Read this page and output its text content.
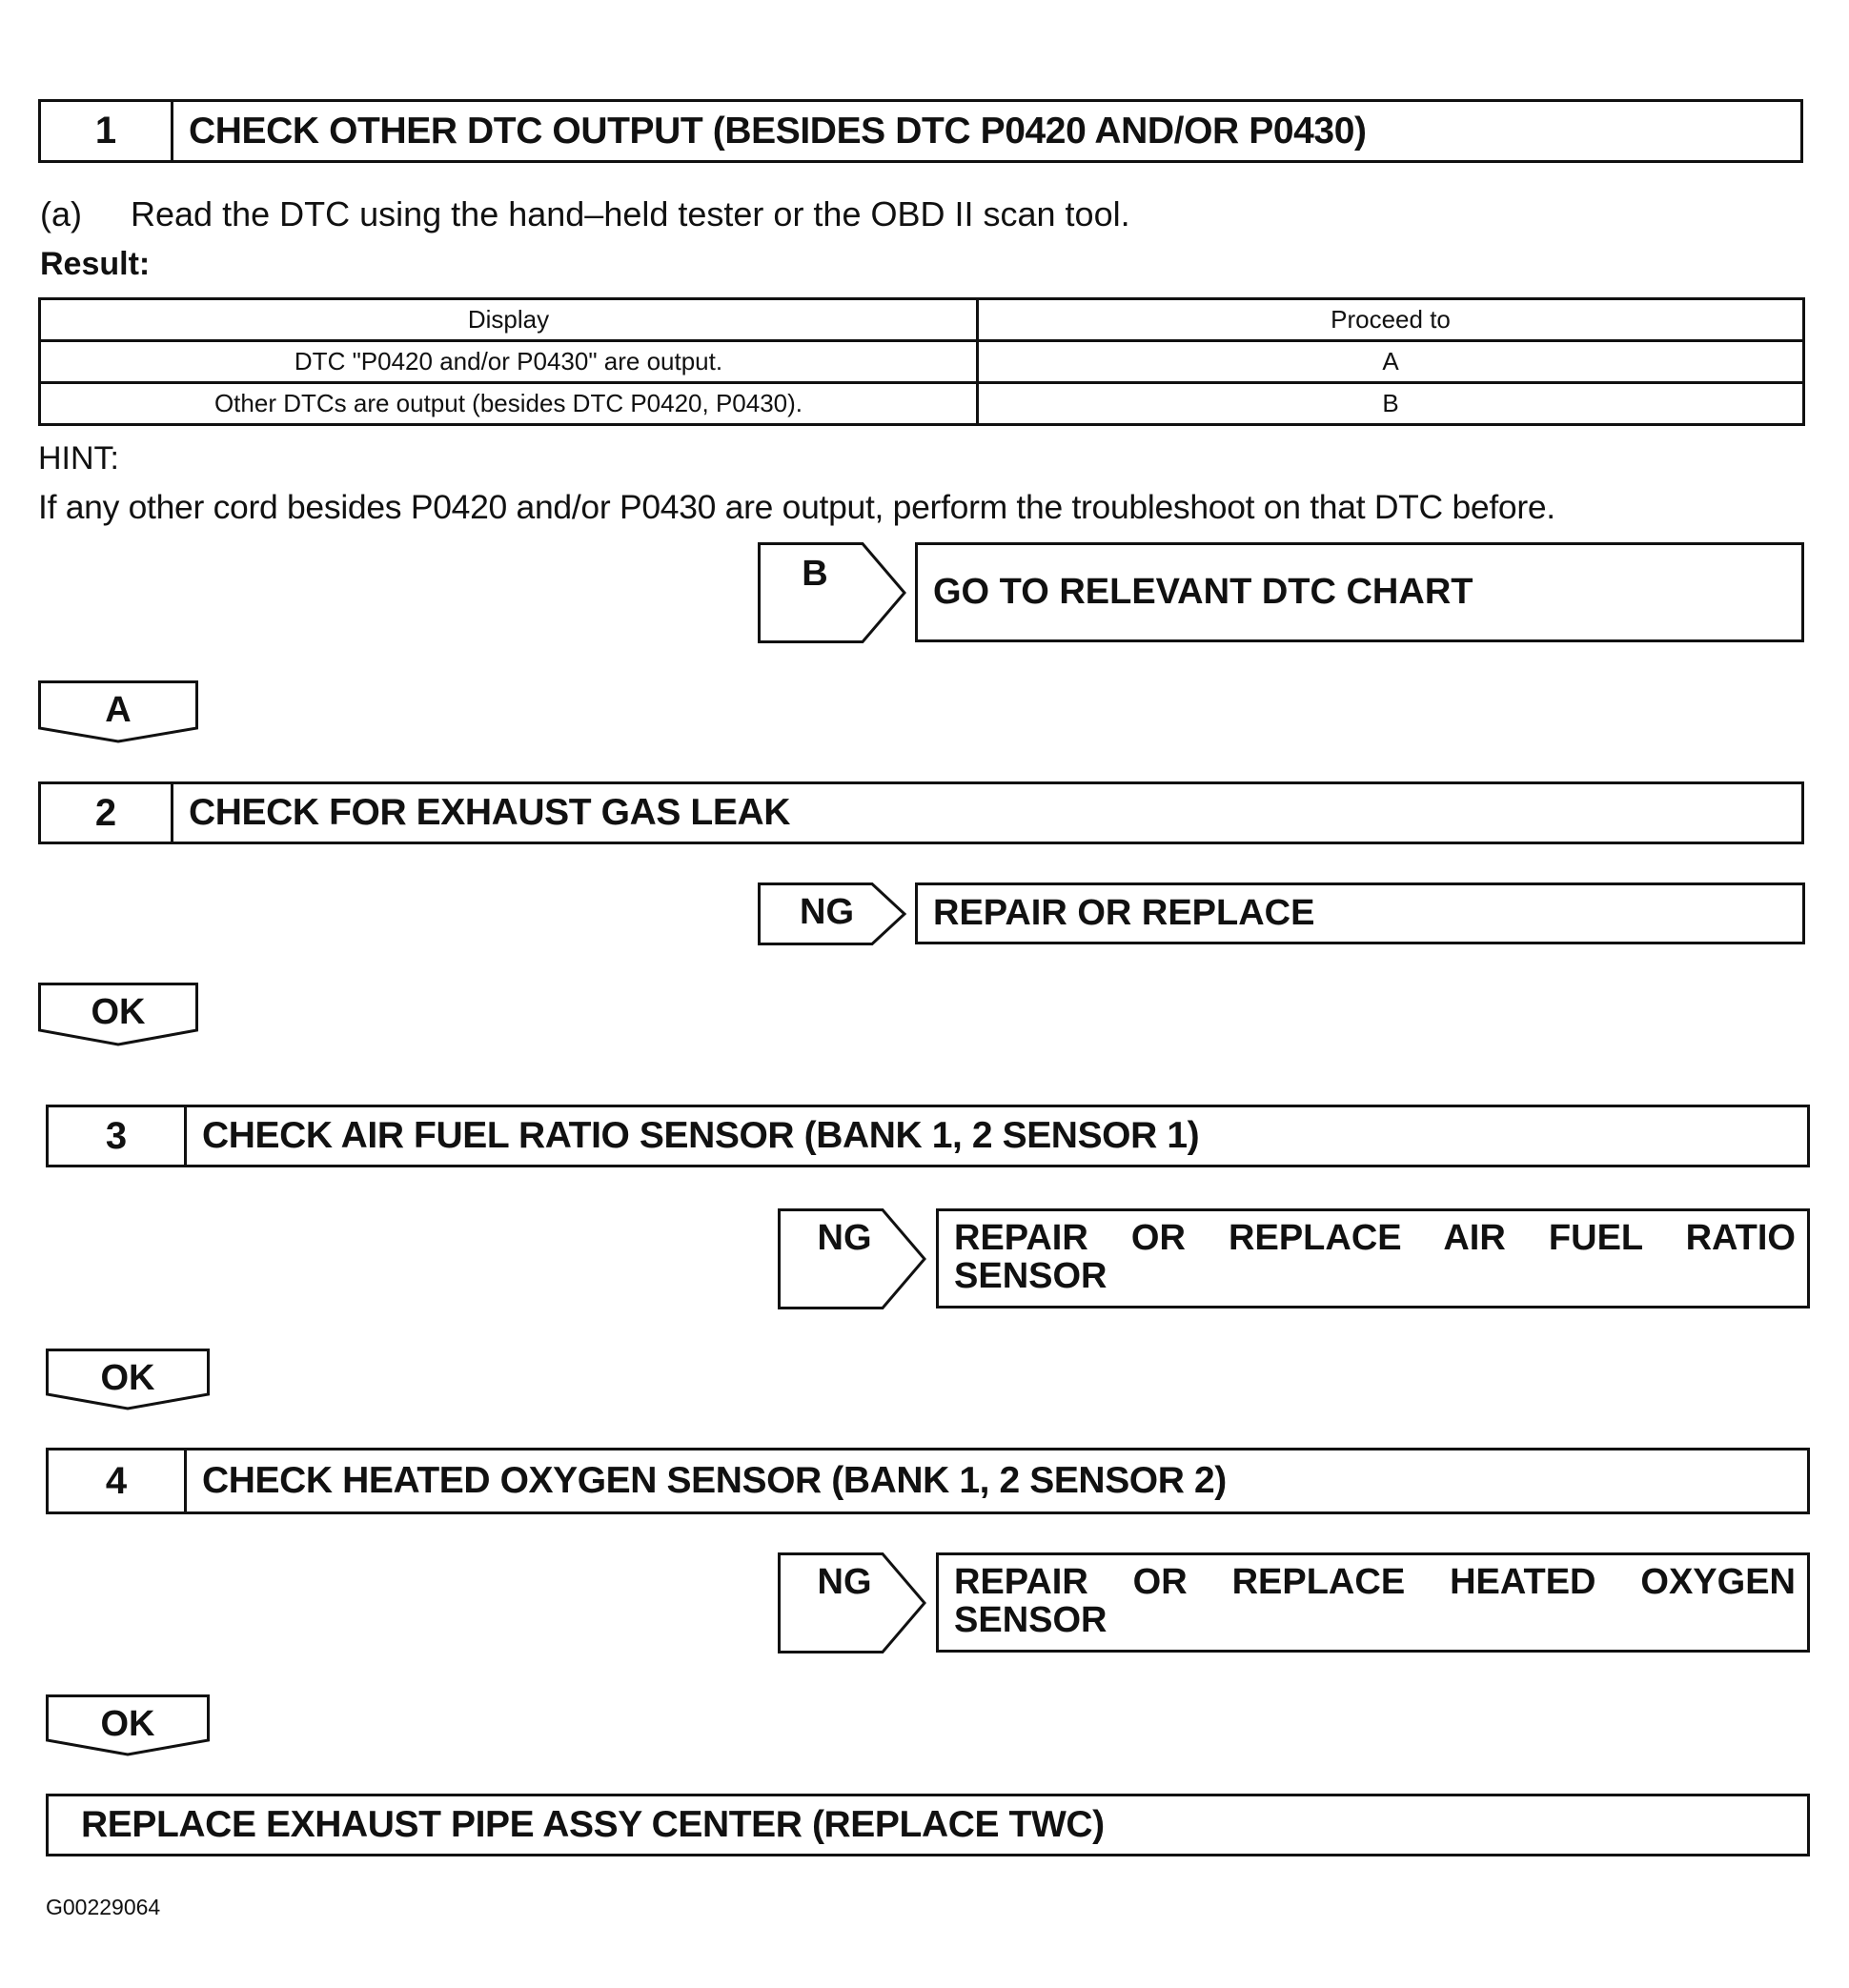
1	CHECK OTHER DTC OUTPUT (BESIDES DTC P0420 AND/OR P0430)
(a) Read the DTC using the hand–held tester or the OBD II scan tool.
Result:
Display	Proceed to
DTC "P0420 and/or P0430" are output.	A
Other DTCs are output (besides DTC P0420, P0430).	B
HINT:
If any other cord besides P0420 and/or P0430 are output, perform the troubleshoot on that DTC before.
B	GO TO RELEVANT DTC CHART
A
2	CHECK FOR EXHAUST GAS LEAK
NG	REPAIR OR REPLACE
OK
3	CHECK AIR FUEL RATIO SENSOR (BANK 1, 2 SENSOR 1)
NG	REPAIR OR REPLACE AIR FUEL RATIO
SENSOR
OK
4	CHECK HEATED OXYGEN SENSOR (BANK 1, 2 SENSOR 2)
NG	REPAIR OR REPLACE HEATED OXYGEN
SENSOR
OK
REPLACE EXHAUST PIPE ASSY CENTER (REPLACE TWC)
G00229064
